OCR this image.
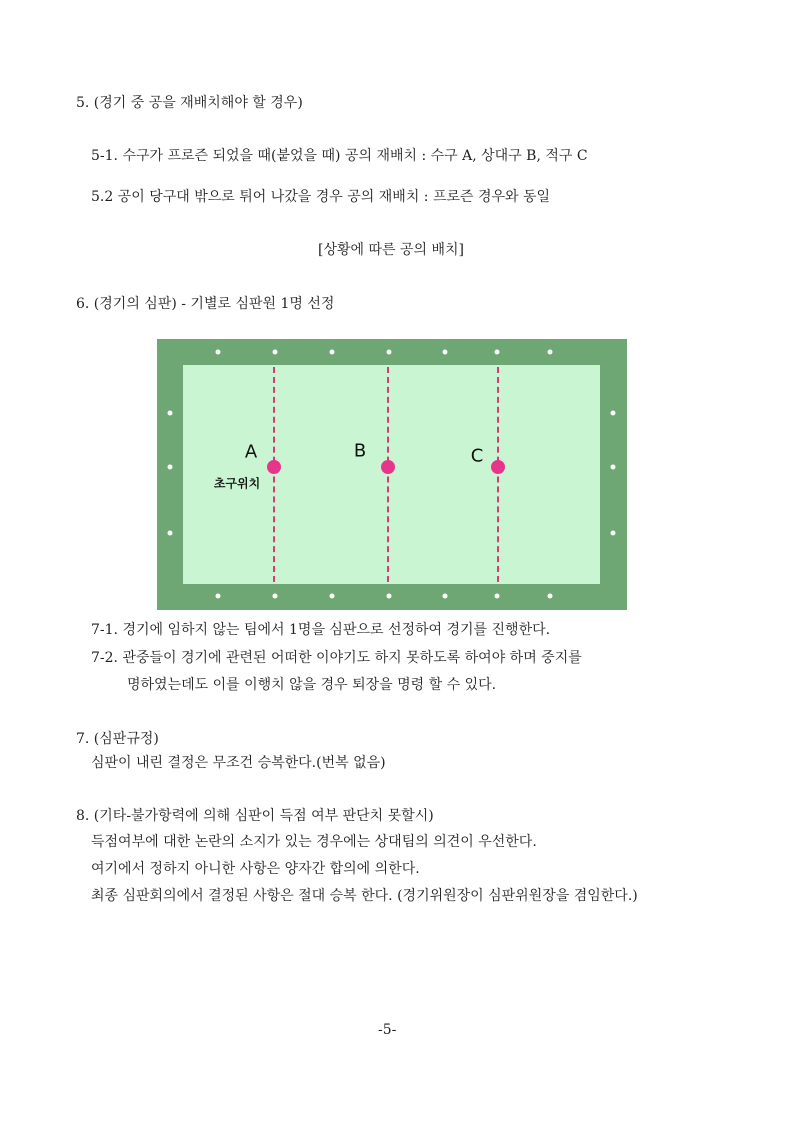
5. (경기 중 공을 재배치해야 할 경우)
5-1. 수구가 프로즌 되었을 때(붙었을 때) 공의 재배치 : 수구 A, 상대구 B, 적구 C
5.2 공이 당구대 밖으로 튀어 나갔을 경우 공의 재배치 : 프로즌 경우와 동일
[상황에 따른 공의 배치]
6. (경기의 심판) - 기별로 심판원 1명 선정
A	B	C
초구위치
7-1. 경기에 임하지 않는 팀에서 1명을 심판으로 선정하여 경기를 진행한다.
7-2. 관중들이 경기에 관련된 어떠한 이야기도 하지 못하도록 하여야 하며 중지를
명하였는데도 이를 이행치 않을 경우 퇴장을 명령 할 수 있다.
7. (심판규정)
심판이 내린 결정은 무조건 승복한다.(번복 없음)
8. (기타-불가항력에 의해 심판이 득점 여부 판단치 못할시)
득점여부에 대한 논란의 소지가 있는 경우에는 상대팀의 의견이 우선한다.
여기에서 정하지 아니한 사항은 양자간 합의에 의한다.
최종 심판회의에서 결정된 사항은 절대 승복 한다. (경기위원장이 심판위원장을 겸임한다.)
-5-
